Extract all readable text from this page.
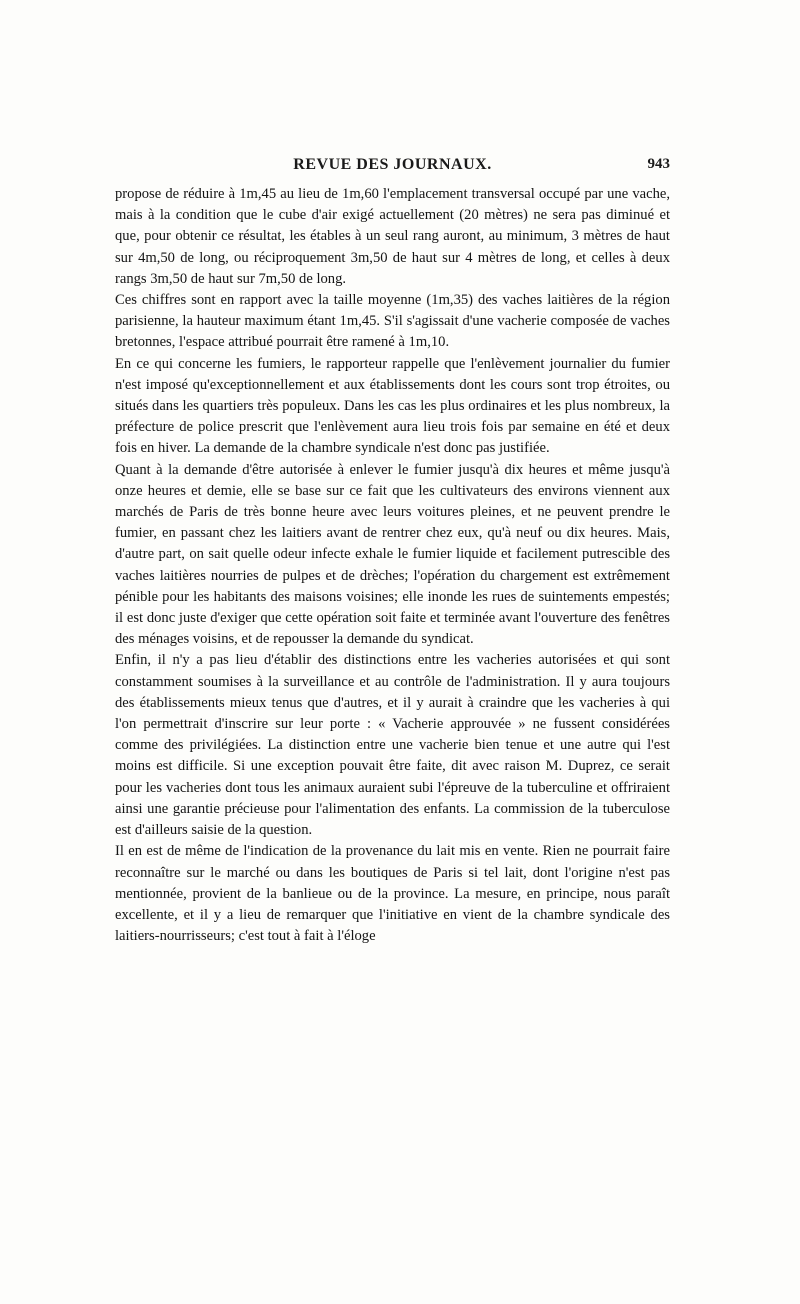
REVUE DES JOURNAUX.	943

propose de réduire à 1m,45 au lieu de 1m,60 l'emplacement transversal occupé par une vache, mais à la condition que le cube d'air exigé actuellement (20 mètres) ne sera pas diminué et que, pour obtenir ce résultat, les étables à un seul rang auront, au minimum, 3 mètres de haut sur 4m,50 de long, ou réciproquement 3m,50 de haut sur 4 mètres de long, et celles à deux rangs 3m,50 de haut sur 7m,50 de long.

Ces chiffres sont en rapport avec la taille moyenne (1m,35) des vaches laitières de la région parisienne, la hauteur maximum étant 1m,45. S'il s'agissait d'une vacherie composée de vaches bretonnes, l'espace attribué pourrait être ramené à 1m,10.

En ce qui concerne les fumiers, le rapporteur rappelle que l'enlèvement journalier du fumier n'est imposé qu'exceptionnellement et aux établissements dont les cours sont trop étroites, ou situés dans les quartiers très populeux. Dans les cas les plus ordinaires et les plus nombreux, la préfecture de police prescrit que l'enlèvement aura lieu trois fois par semaine en été et deux fois en hiver. La demande de la chambre syndicale n'est donc pas justifiée.

Quant à la demande d'être autorisée à enlever le fumier jusqu'à dix heures et même jusqu'à onze heures et demie, elle se base sur ce fait que les cultivateurs des environs viennent aux marchés de Paris de très bonne heure avec leurs voitures pleines, et ne peuvent prendre le fumier, en passant chez les laitiers avant de rentrer chez eux, qu'à neuf ou dix heures. Mais, d'autre part, on sait quelle odeur infecte exhale le fumier liquide et facilement putrescible des vaches laitières nourries de pulpes et de drèches; l'opération du chargement est extrêmement pénible pour les habitants des maisons voisines; elle inonde les rues de suintements empestés; il est donc juste d'exiger que cette opération soit faite et terminée avant l'ouverture des fenêtres des ménages voisins, et de repousser la demande du syndicat.

Enfin, il n'y a pas lieu d'établir des distinctions entre les vacheries autorisées et qui sont constamment soumises à la surveillance et au contrôle de l'administration. Il y aura toujours des établissements mieux tenus que d'autres, et il y aurait à craindre que les vacheries à qui l'on permettrait d'inscrire sur leur porte : « Vacherie approuvée » ne fussent considérées comme des privilégiées. La distinction entre une vacherie bien tenue et une autre qui l'est moins est difficile. Si une exception pouvait être faite, dit avec raison M. Duprez, ce serait pour les vacheries dont tous les animaux auraient subi l'épreuve de la tuberculine et offriraient ainsi une garantie précieuse pour l'alimentation des enfants. La commission de la tuberculose est d'ailleurs saisie de la question.

Il en est de même de l'indication de la provenance du lait mis en vente. Rien ne pourrait faire reconnaître sur le marché ou dans les boutiques de Paris si tel lait, dont l'origine n'est pas mentionnée, provient de la banlieue ou de la province. La mesure, en principe, nous paraît excellente, et il y a lieu de remarquer que l'initiative en vient de la chambre syndicale des laitiers-nourrisseurs; c'est tout à fait à l'éloge
